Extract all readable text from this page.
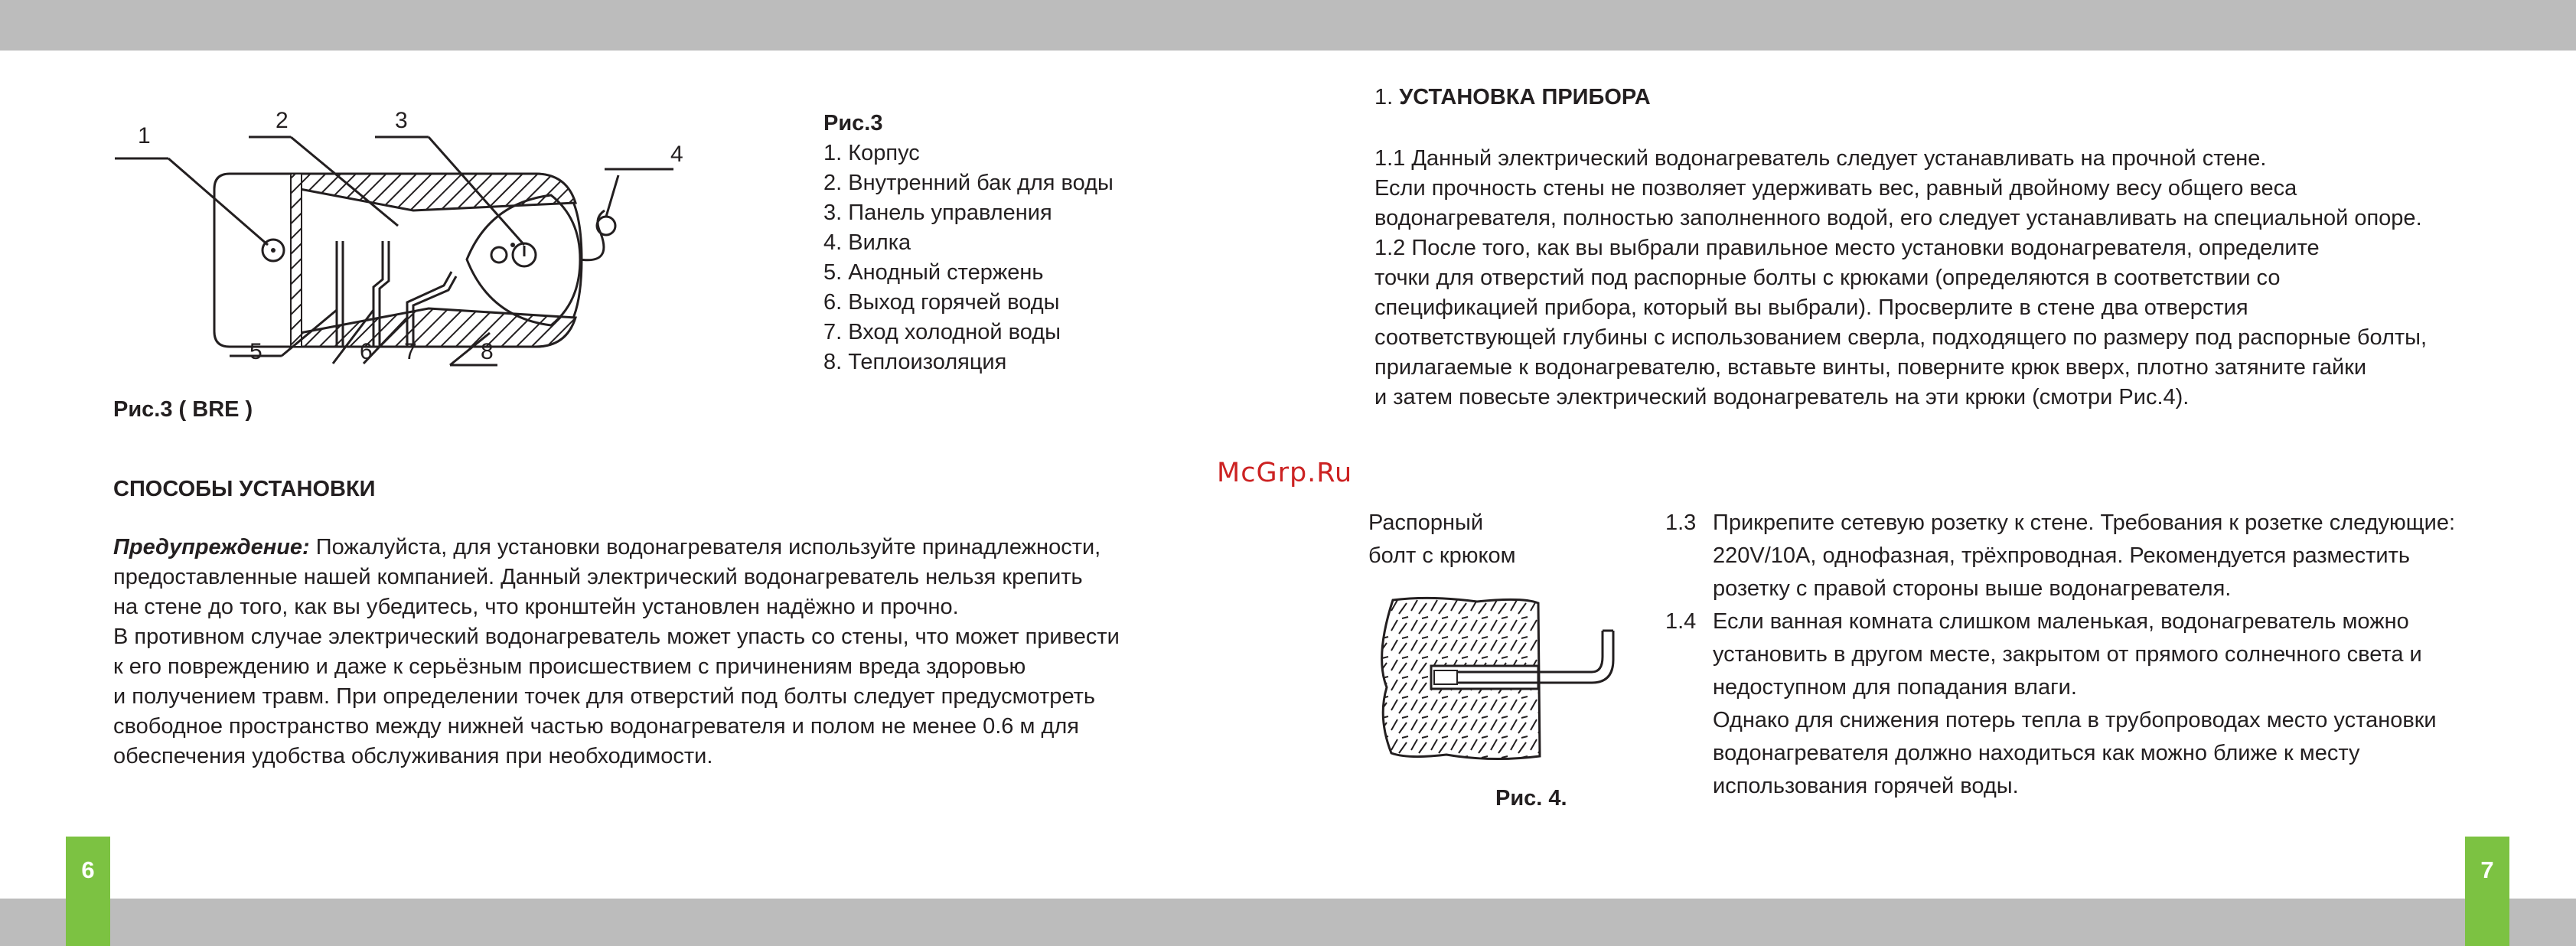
6	7
1
2	3
4
5	6 7	8
Рис.3 ( BRE )
Рис.3
1. Корпус
2. Внутренний бак для воды
3. Панель управления
4. Вилка
5. Анодный стержень
6. Выход горячей воды
7. Вход холодной воды
8. Теплоизоляция
СПОСОБЫ УСТАНОВКИ
Предупреждение: Пожалуйста, для установки водонагревателя используйте принадлежности,
предоставленные нашей компанией. Данный электрический водонагреватель нельзя крепить
на стене до того, как вы убедитесь, что кронштейн установлен надёжно и прочно.
В противном случае электрический водонагреватель может упасть со стены, что может привести
к его повреждению и даже к серьёзным происшествием с причинениям вреда здоровью
и получением травм. При определении точек для отверстий под болты следует предусмотреть
свободное пространство между нижней частью водонагревателя и полом не менее 0.6 м для
обеспечения удобства обслуживания при необходимости.
McGrp.Ru
1. УСТАНОВКА ПРИБОРА
1.1 Данный электрический водонагреватель следует устанавливать на прочной стене.
Если прочность стены не позволяет удерживать вес, равный двойному весу общего веса
водонагревателя, полностью заполненного водой, его следует устанавливать на специальной опоре.
1.2 После того, как вы выбрали правильное место установки водонагревателя, определите
точки для отверстий под распорные болты с крюками (определяются в соответствии со
спецификацией прибора, который вы выбрали). Просверлите в стене два отверстия
соответствующей глубины с использованием сверла, подходящего по размеру под распорные болты,
прилагаемые к водонагревателю, вставьте винты, поверните крюк вверх, плотно затяните гайки
и затем повесьте электрический водонагреватель на эти крюки (смотри Рис.4).
Распорный
болт с крюком
Рис. 4.
1.3 Прикрепите сетевую розетку к стене. Требования к розетке следующие:
220V/10A, однофазная, трёхпроводная. Рекомендуется разместить
розетку с правой стороны выше водонагревателя.
1.4 Если ванная комната слишком маленькая, водонагреватель можно
установить в другом месте, закрытом от прямого солнечного света и
недоступном для попадания влаги.
Однако для снижения потерь тепла в трубопроводах место установки
водонагревателя должно находиться как можно ближе к месту
использования горячей воды.
